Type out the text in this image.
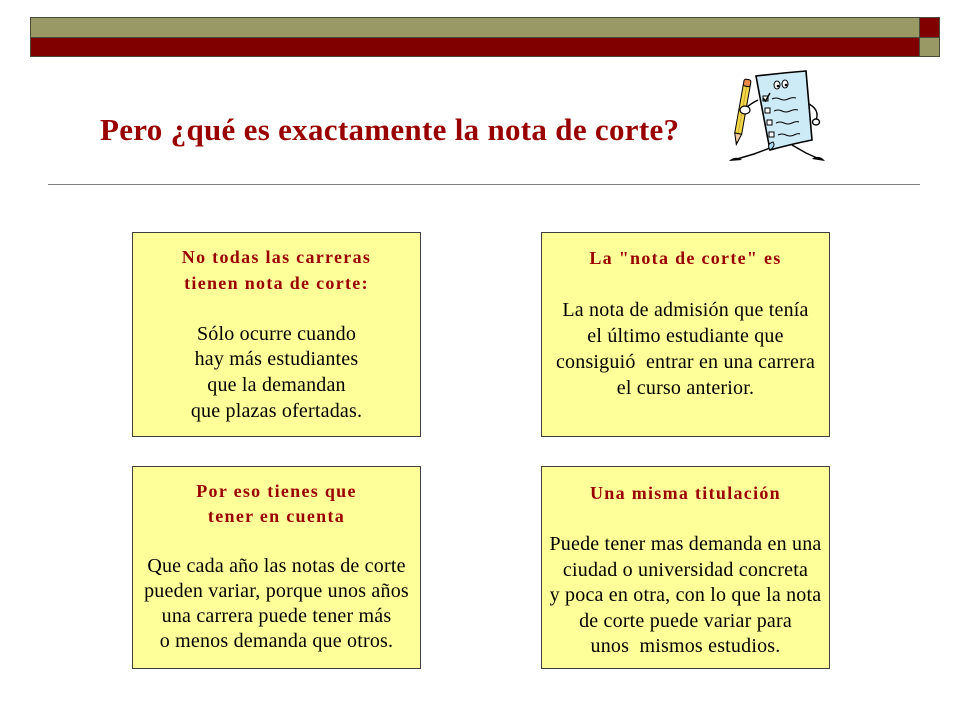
Pero ¿qué es exactamente la nota de corte?
No todas las carreras
tienen nota de corte:
Sólo ocurre cuando
hay más estudiantes
que la demandan
que plazas ofertadas.
La "nota de corte" es
La nota de admisión que tenía
el último estudiante que
consiguió  entrar en una carrera
el curso anterior.
Por eso tienes que
tener en cuenta
Que cada año las notas de corte
pueden variar, porque unos años
una carrera puede tener más
o menos demanda que otros.
Una misma titulación
Puede tener mas demanda en una
ciudad o universidad concreta
y poca en otra, con lo que la nota
de corte puede variar para
unos  mismos estudios.
